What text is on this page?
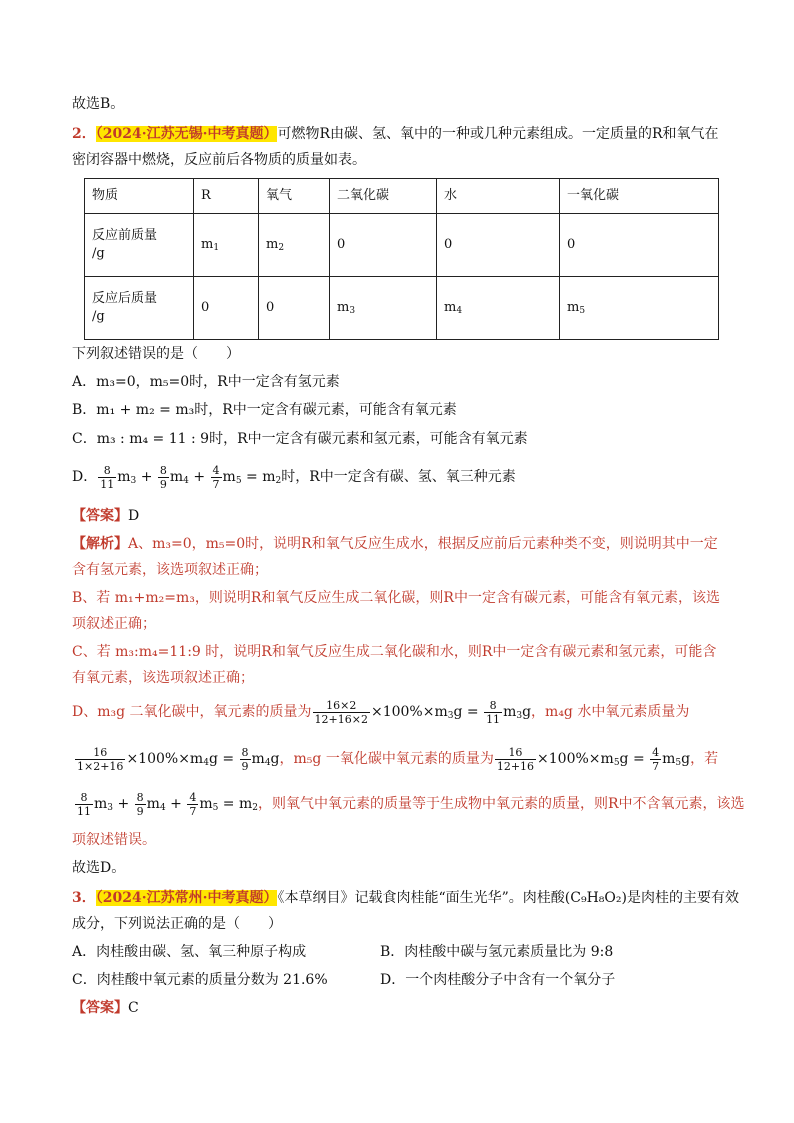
故选B。
2．（2024·江苏无锡·中考真题）可燃物R由碳、氢、氧中的一种或几种元素组成。一定质量的R和氧气在
密闭容器中燃烧，反应前后各物质的质量如表。
物质	R	氧气	二氧化碳	水	一氧化碳
反应前质量
/g	$m_1$	$m_2$	0	0	0
反应后质量
/g	0	0	$m_3$	$m_4$	$m_5$
下列叙述错误的是（　　）
A．m₃=0，m₅=0时，R中一定含有氢元素
B．m₁ + m₂ = m₃时，R中一定含有碳元素，可能含有氧元素
C．m₃ : m₄ = 11 : 9时，R中一定含有碳元素和氢元素，可能含有氧元素
D． $\frac{8}{11} m_3 + \frac{8}{9} m_4 + \frac{4}{7} m_5 = m_2$时，R中一定含有碳、氢、氧三种元素
【答案】D
【解析】A、m₃=0，m₅=0时，说明R和氧气反应生成水，根据反应前后元素种类不变，则说明其中一定
含有氢元素，该选项叙述正确；
B、若 m₁+m₂=m₃，则说明R和氧气反应生成二氧化碳，则R中一定含有碳元素，可能含有氧元素，该选
项叙述正确；
C、若 m₃:m₄=11:9 时，说明R和氧气反应生成二氧化碳和水，则R中一定含有碳元素和氢元素，可能含
有氧元素，该选项叙述正确；
D、m₃g 二氧化碳中，氧元素的质量为 $\frac{16\times 2}{12+16\times 2} \times 100\%\times m_3g = \frac{8}{11} m_3g$，m₄g 水中氧元素质量为
$\frac{16}{1\times 2+16} \times 100\%\times m_4g = \frac{8}{9} m_4g$，m₅g 一氧化碳中氧元素的质量为 $\frac{16}{12+16} \times 100\%\times m_5g = \frac{4}{7} m_5g$，若
$\frac{8}{11} m_3 + \frac{8}{9} m_4 + \frac{4}{7} m_5 = m_2$，则氧气中氧元素的质量等于生成物中氧元素的质量，则R中不含氧元素，该选
项叙述错误。
故选D。
3．（2024·江苏常州·中考真题）《本草纲目》记载食肉桂能“面生光华”。肉桂酸(C₉H₈O₂)是肉桂的主要有效
成分，下列说法正确的是（　　）
A．肉桂酸由碳、氢、氧三种原子构成	B．肉桂酸中碳与氢元素质量比为 9:8
C．肉桂酸中氧元素的质量分数为 21.6%	D．一个肉桂酸分子中含有一个氧分子
【答案】C
